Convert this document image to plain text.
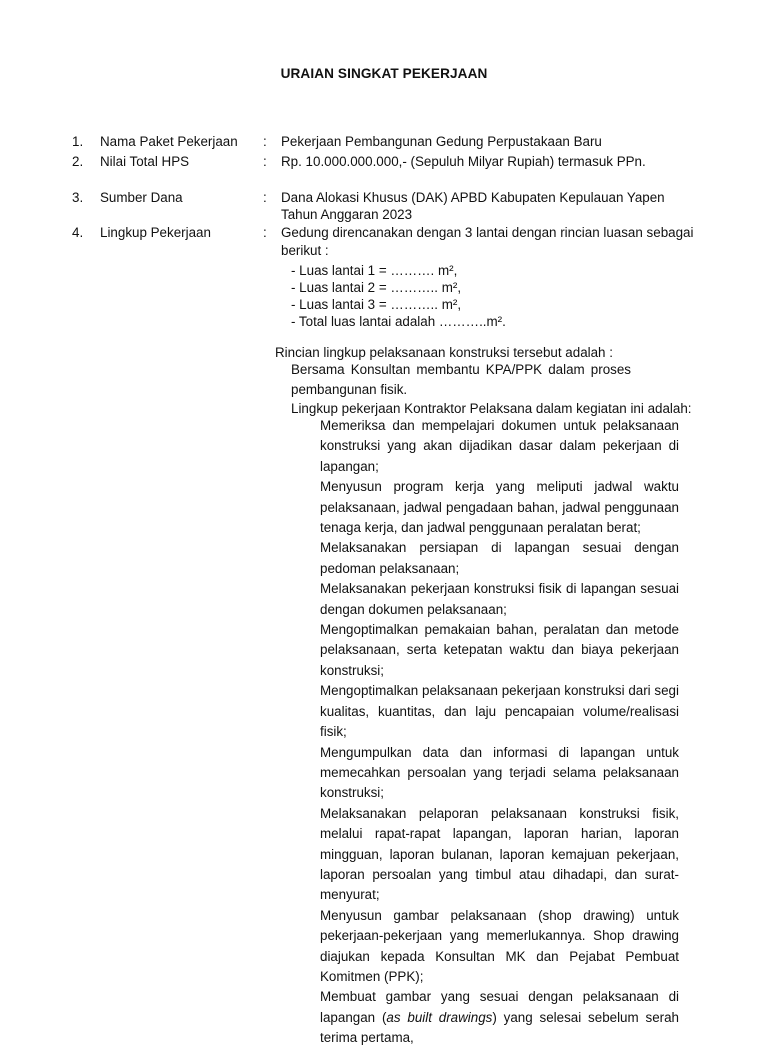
URAIAN SINGKAT PEKERJAAN
1. Nama Paket Pekerjaan : Pekerjaan Pembangunan Gedung Perpustakaan Baru
2. Nilai Total HPS	: Rp. 10.000.000.000,- (Sepuluh Milyar Rupiah) termasuk PPn.
3. Sumber Dana	: Dana Alokasi Khusus (DAK) APBD Kabupaten Kepulauan Yapen
Tahun Anggaran 2023
4. Lingkup Pekerjaan	: Gedung direncanakan dengan 3 lantai dengan rincian luasan sebagai
berikut :
- Luas lantai 1 = ………. m²,
- Luas lantai 2 = ……….. m²,
- Luas lantai 3 = ……….. m²,
- Total luas lantai adalah ………..m².
Rincian lingkup pelaksanaan konstruksi tersebut adalah :
Bersama Konsultan membantu KPA/PPK dalam proses pembangunan fisik.
Lingkup pekerjaan Kontraktor Pelaksana dalam kegiatan ini adalah:

Memeriksa dan mempelajari dokumen untuk pelaksanaan konstruksi yang akan dijadikan dasar dalam pekerjaan di lapangan;

Menyusun program kerja yang meliputi jadwal waktu pelaksanaan, jadwal pengadaan bahan, jadwal penggunaan tenaga kerja, dan jadwal penggunaan peralatan berat;

Melaksanakan persiapan di lapangan sesuai dengan pedoman pelaksanaan;

Melaksanakan pekerjaan konstruksi fisik di lapangan sesuai dengan dokumen pelaksanaan;

Mengoptimalkan pemakaian bahan, peralatan dan metode pelaksanaan, serta ketepatan waktu dan biaya pekerjaan konstruksi;

Mengoptimalkan pelaksanaan pekerjaan konstruksi dari segi kualitas, kuantitas, dan laju pencapaian volume/realisasi fisik;

Mengumpulkan data dan informasi di lapangan untuk memecahkan persoalan yang terjadi selama pelaksanaan konstruksi;

Melaksanakan pelaporan pelaksanaan konstruksi fisik, melalui rapat-rapat lapangan, laporan harian, laporan mingguan, laporan bulanan, laporan kemajuan pekerjaan, laporan persoalan yang timbul atau dihadapi, dan surat-menyurat;

Menyusun gambar pelaksanaan (shop drawing) untuk pekerjaan-pekerjaan yang memerlukannya. Shop drawing diajukan kepada Konsultan MK dan Pejabat Pembuat Komitmen (PPK);

Membuat gambar yang sesuai dengan pelaksanaan di lapangan (as built drawings) yang selesai sebelum serah terima pertama,
